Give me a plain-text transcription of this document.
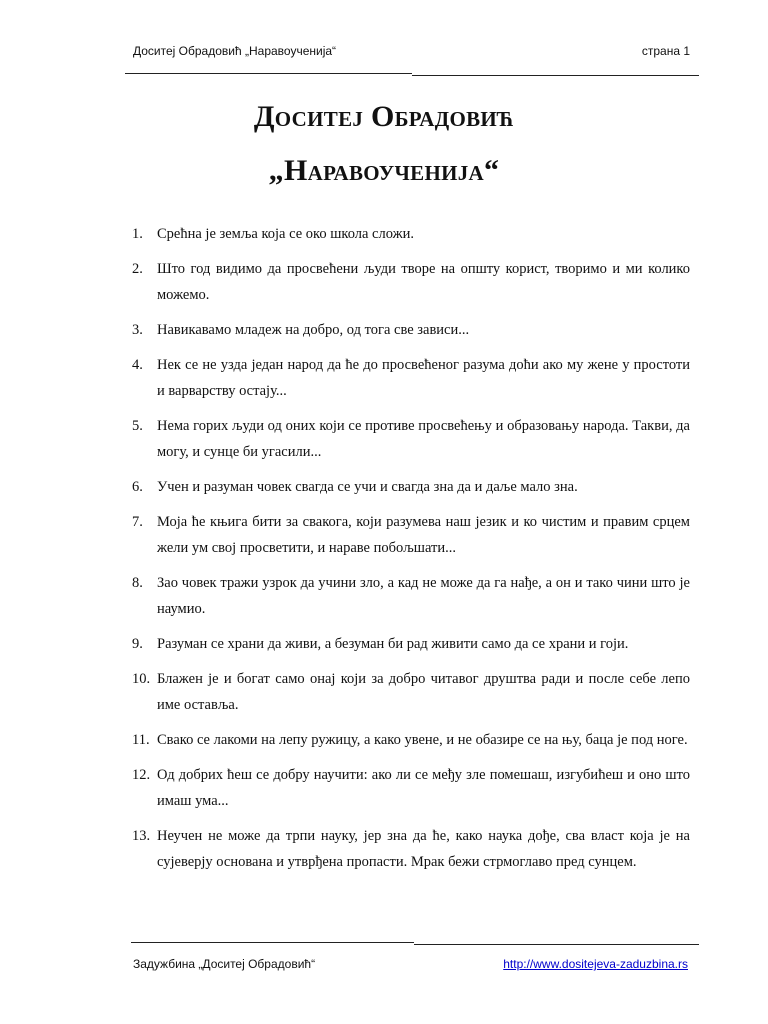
Доситеј Обрадовић „Наравоученија“	страна 1
Доситеј Обрадовић
„Наравоученија“
1. Срећна је земља која се око школа сложи.
2. Што год видимо да просвећени људи творе на општу корист, творимо и ми колико можемо.
3. Навикавамо младеж на добро, од тога све зависи...
4. Нек се не узда један народ да ће до просвећеног разума доћи ако му жене у простоти и варварству остају...
5. Нема горих људи од оних који се противе просвећењу и образовању народа. Такви, да могу, и сунце би угасили...
6. Учен и разуман човек свагда се учи и свагда зна да и даље мало зна.
7. Моја ће књига бити за свакога, који разумева наш језик и ко чистим и правим срцем жели ум свој просветити, и нараве побољшати...
8. Зао човек тражи узрок да учини зло, а кад не може да га нађе, а он и тако чини што је наумио.
9. Разуман се храни да живи, а безуман би рад живити само да се храни и гоји.
10. Блажен је и богат само онај који за добро читавог друштва ради и после себе лепо име оставља.
11. Свако се лакоми на лепу ружицу, а како увене, и не обазире се на њу, баца је под ноге.
12. Од добрих ћеш се добру научити: ако ли се међу зле помешаш, изгубићеш и оно што имаш ума...
13. Неучен не може да трпи науку, јер зна да ће, како наука дође, сва власт која је на сујеверју основана и утврђена пропасти. Мрак бежи стрмоглаво пред сунцем.
Задужбина „Доситеј Обрадовић“	http://www.dositejeva-zaduzbina.rs
